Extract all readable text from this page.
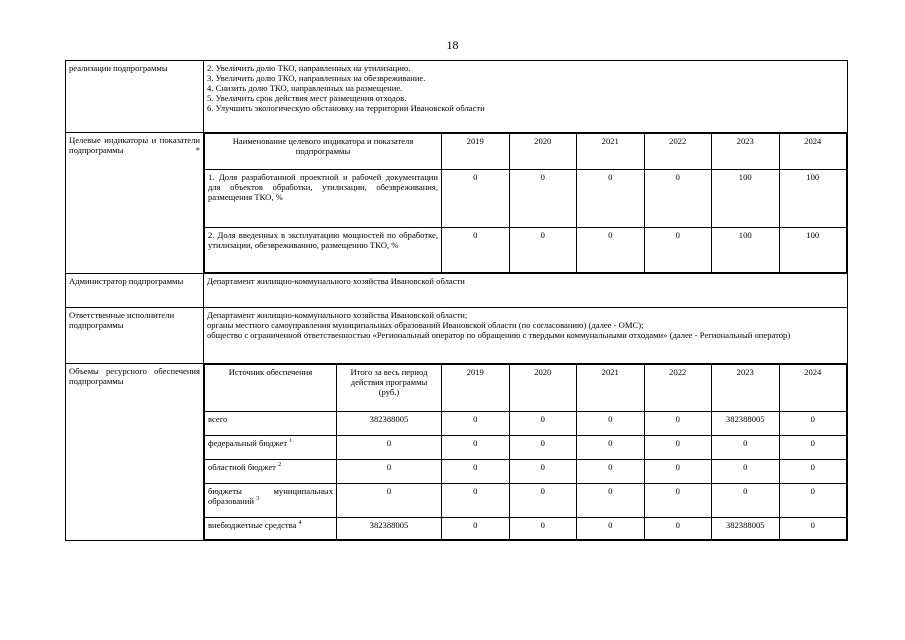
18
реализации подпрограммы	2. Увеличить долю ТКО, направленных на утилизацию.
3. Увеличить долю ТКО, направленных на обезвреживание.
4. Снизить долю ТКО, направленных на размещение.
5. Увеличить срок действия мест размещения отходов.
6. Улучшить экологическую обстановку на территории Ивановской области

Целевые индикаторы и показатели подпрограммы *	
Наименование целевого индикатора и показателя подпрограммы	2019	2020	2021	2022	2023	2024
1. Доля разработанной проектной и рабочей документации для объектов обработки, утилизации, обезвреживания, размещения ТКО, %	0	0	0	0	100	100
2. Доля введенных в эксплуатацию мощностей по обработке, утилизации, обезвреживанию, размещению ТКО, %	0	0	0	0	100	100

Администратор подпрограммы	Департамент жилищно-коммунального хозяйства Ивановской области
Ответственные исполнители подпрограммы	
Департамент жилищно-коммунального хозяйства Ивановской области;
органы местного самоуправления муниципальных образований Ивановской области (по согласованию) (далее - ОМС);
общество с ограниченной ответственностью «Региональный оператор по обращению с твердыми коммунальными отходами» (далее - Региональный оператор)

Объемы ресурсного обеспечения подпрограммы	
Источник обеспечения	Итого за весь период действия программы (руб.)	2019	2020	2021	2022	2023	2024
всего	382388005	0	0	0	0	382388005	0
федеральный бюджет $^1$	0	0	0	0	0	0	0
областной бюджет $^2$	0	0	0	0	0	0	0
бюджеты муниципальных образований $^3$	0	0	0	0	0	0	0
внебюджетные средства $^4$	382388005	0	0	0	0	382388005	0
